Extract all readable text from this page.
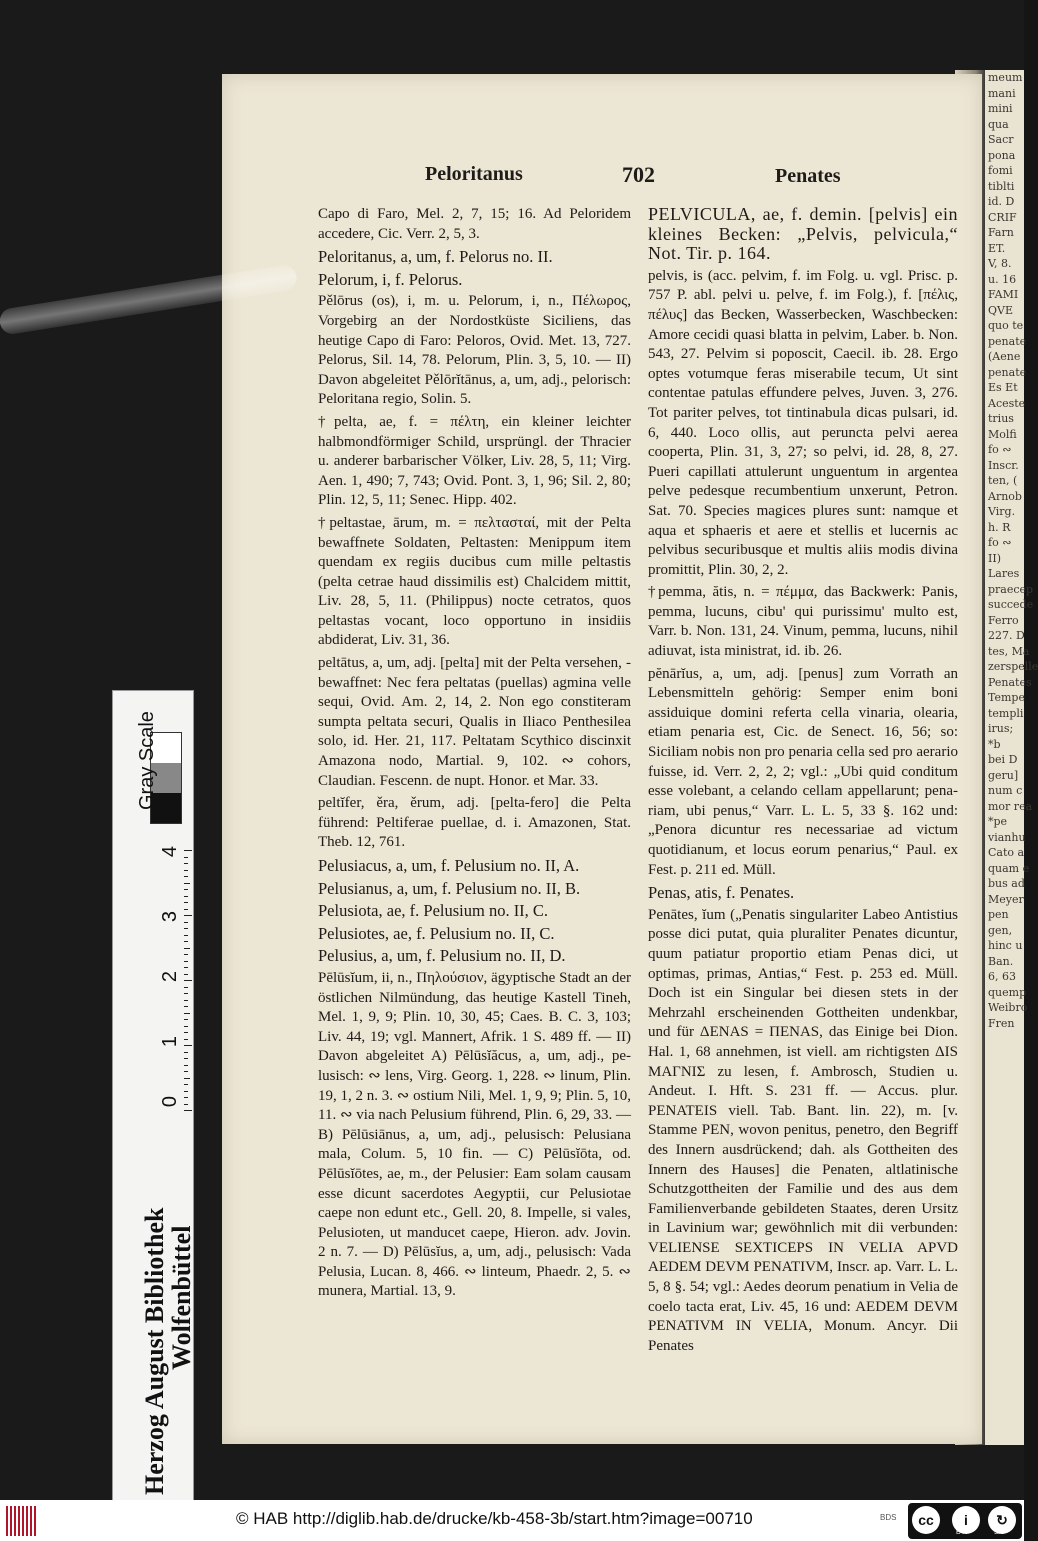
meum
mani
mini
qua
Sacr
pona
fomi
tiblti
id. D
CRIF
Farn
ET.
V, 8.
u. 16
FAMI
QVE
quo te
penate
(Aene
penate
Es Et
Aceste
trius
Molfi
fo ∾
Inscr.
ten, (
Arnob
Virg.
h. R
fo ∾
II)
Lares
praecep
succede
Ferro
227. D
tes, Ma
zerspelle
Penates
Tempe
templi
irus;
*b
bei D
geru]
num c
mor rea
*pe
vianhu
Cato a
quam e
bus ad
Meyer
pen
gen,
hinc u
Ban.
6, 63
quemp
Weibro
Fren
Peloritanus	702	Penates

Capo di Faro, Mel. 2, 7, 15; 16. Ad Peloridem accedere, Cic. Verr. 2, 5, 3.

Peloritanus, a, um, f. Pelorus no. II.

Pelorum, i, f. Pelorus.

Pělōrus (os), i, m. u. Pelorum, i, n., Πέλωρος, Vorgebirg an der Nordostküste Siciliens, das heutige Capo di Faro: Peloros, Ovid. Met. 13, 727. Pelorus, Sil. 14, 78. Pelorum, Plin. 3, 5, 10. — II) Davon abgeleitet Pělōrĭtānus, a, um, adj., pelorisch: Peloritana regio, Solin. 5.

†pelta, ae, f. = πέλτη, ein kleiner leichter halbmondförmiger Schild, ursprüngl. der Thracier u. anderer barbarischer Völker, Liv. 28, 5, 11; Virg. Aen. 1, 490; 7, 743; Ovid. Pont. 3, 1, 96; Sil. 2, 80; Plin. 12, 5, 11; Senec. Hipp. 402.

†peltastae, ārum, m. = πελτασταί, mit der Pelta bewaffnete Soldaten, Peltasten: Menippum item quendam ex regiis ducibus cum mille peltastis (pelta cetrae haud dissimilis est) Chalcidem mittit, Liv. 28, 5, 11. (Philippus) nocte cetratos, quos peltastas vocant, loco opportuno in insidiis abdiderat, Liv. 31, 36.

peltātus, a, um, adj. [pelta] mit der Pelta versehen, -bewaffnet: Nec fera peltatas (puellas) agmina velle sequi, Ovid. Am. 2, 14, 2. Non ego constiteram sumpta peltata securi, Qualis in Iliaco Penthesilea solo, id. Her. 21, 117. Peltatam Scythico discinxit Amazona nodo, Martial. 9, 102. ∾ cohors, Claudian. Fescenn. de nupt. Honor. et Mar. 33.

peltĭfer, ěra, ěrum, adj. [pelta-fero] die Pelta führend: Peltiferae puellae, d. i. Amazonen, Stat. Theb. 12, 761.

Pelusiacus, a, um, f. Pelusium no. II, A.

Pelusianus, a, um, f. Pelusium no. II, B.

Pelusiota, ae, f. Pelusium no. II, C.

Pelusiotes, ae, f. Pelusium no. II, C.

Pelusius, a, um, f. Pelusium no. II, D.

Pēlūsĭum, ii, n., Πηλούσιον, ägyptische Stadt an der östlichen Nilmündung, das heutige Kastell Tineh, Mel. 1, 9, 9; Plin. 10, 30, 45; Caes. B. C. 3, 103; Liv. 44, 19; vgl. Mannert, Afrik. 1 S. 489 ff. — II) Davon abgeleitet A) Pēlūsĭăcus, a, um, adj., pelusisch: ∾ lens, Virg. Georg. 1, 228. ∾ linum, Plin. 19, 1, 2 n. 3. ∾ ostium Nili, Mel. 1, 9, 9; Plin. 5, 10, 11. ∾ via nach Pelusium führend, Plin. 6, 29, 33. — B) Pēlūsiānus, a, um, adj., pelusisch: Pelusiana mala, Colum. 5, 10 fin. — C) Pēlūsĭōta, od. Pēlūsĭōtes, ae, m., der Pelusier: Eam solam causam esse dicunt sacerdotes Aegyptii, cur Pelusiotae caepe non edunt etc., Gell. 20, 8. Impelle, si vales, Pelusioten, ut manducet caepe, Hieron. adv. Jovin. 2 n. 7. — D) Pēlūsĭus, a, um, adj., pelusisch: Vada Pelusia, Lucan. 8, 466. ∾ linteum, Phaedr. 2, 5. ∾ munera, Martial. 13, 9.

PELVICULA, ae, f. demin. [pelvis] ein kleines Becken: „Pelvis, pelvicula,“ Not. Tir. p. 164.

pelvis, is (acc. pelvim, f. im Folg. u. vgl. Prisc. p. 757 P. abl. pelvi u. pelve, f. im Folg.), f. [πέλις, πέλυς] das Becken, Wasserbecken, Waschbecken: Amore cecidi quasi blatta in pelvim, Laber. b. Non. 543, 27. Pelvim si poposcit, Caecil. ib. 28. Ergo optes votumque feras miserabile tecum, Ut sint contentae patulas effundere pelves, Juven. 3, 276. Tot pariter pelves, tot tintinabula dicas pulsari, id. 6, 440. Loco ollis, aut peruncta pelvi aerea cooperta, Plin. 31, 3, 27; so pelvi, id. 28, 8, 27. Pueri capillati attulerunt unguentum in argentea pelve pedesque recumbentium unxerunt, Petron. Sat. 70. Species magices plures sunt: namque et aqua et sphaeris et aere et stellis et lucernis ac pelvibus securibusque et multis aliis modis divina promittit, Plin. 30, 2, 2.

†pemma, ătis, n. = πέμμα, das Backwerk: Panis, pemma, lucuns, cibu' qui purissimu' multo est, Varr. b. Non. 131, 24. Vinum, pemma, lucuns, nihil adiuvat, ista ministrat, id. ib. 26.

pĕnārĭus, a, um, adj. [penus] zum Vorrath an Lebensmitteln gehörig: Semper enim boni assiduique domini referta cella vinaria, olearia, etiam penaria est, Cic. de Senect. 16, 56; so: Siciliam nobis non pro penaria cella sed pro aerario fuisse, id. Verr. 2, 2, 2; vgl.: „Ubi quid conditum esse volebant, a celando cellam appellarunt; penariam, ubi penus,“ Varr. L. L. 5, 33 §. 162 und: „Penora dicuntur res necessariae ad victum quotidianum, et locus eorum penarius,“ Paul. ex Fest. p. 211 ed. Müll.

Penas, atis, f. Penates.

Penātes, ĭum („Penatis singulariter Labeo Antistius posse dici putat, quia pluraliter Penates dicuntur, quum patiatur proportio etiam Penas dici, ut optimas, primas, Antias,“ Fest. p. 253 ed. Müll. Doch ist ein Singular bei diesen stets in der Mehrzahl erscheinenden Gottheiten undenkbar, und für ΔENAS = ΠENAS, das Einige bei Dion. Hal. 1, 68 annehmen, ist viell. am richtigsten ΔIS MAΓNIΣ zu lesen, f. Ambrosch, Studien u. Andeut. I. Hft. S. 231 ff. — Accus. plur. PENATEIS viell. Tab. Bant. lin. 22), m. [v. Stamme PEN, wovon penitus, penetro, den Begriff des Innern ausdrückend; dah. als Gottheiten des Innern des Hauses] die Penaten, altlatinische Schutzgottheiten der Familie und des aus dem Familienverbande gebildeten Staates, deren Ursitz in Lavinium war; gewöhnlich mit dii verbunden: VELIENSE SEXTICEPS IN VELIA APVD AEDEM DEVM PENATIVM, Inscr. ap. Varr. L. L. 5, 8 §. 54; vgl.: Aedes deorum penatium in Velia de coelo tacta erat, Liv. 45, 16 und: AEDEM DEVM PENATIVM IN VELIA, Monum. Ancyr. Dii Penates

Gray Scale
Herzog August Bibliothek
Wolfenbüttel
0
1
2
3
4
© HAB http://diglib.hab.de/drucke/kb-458-3b/start.htm?image=00710	BDS	cc	i	↻
BY	SA
